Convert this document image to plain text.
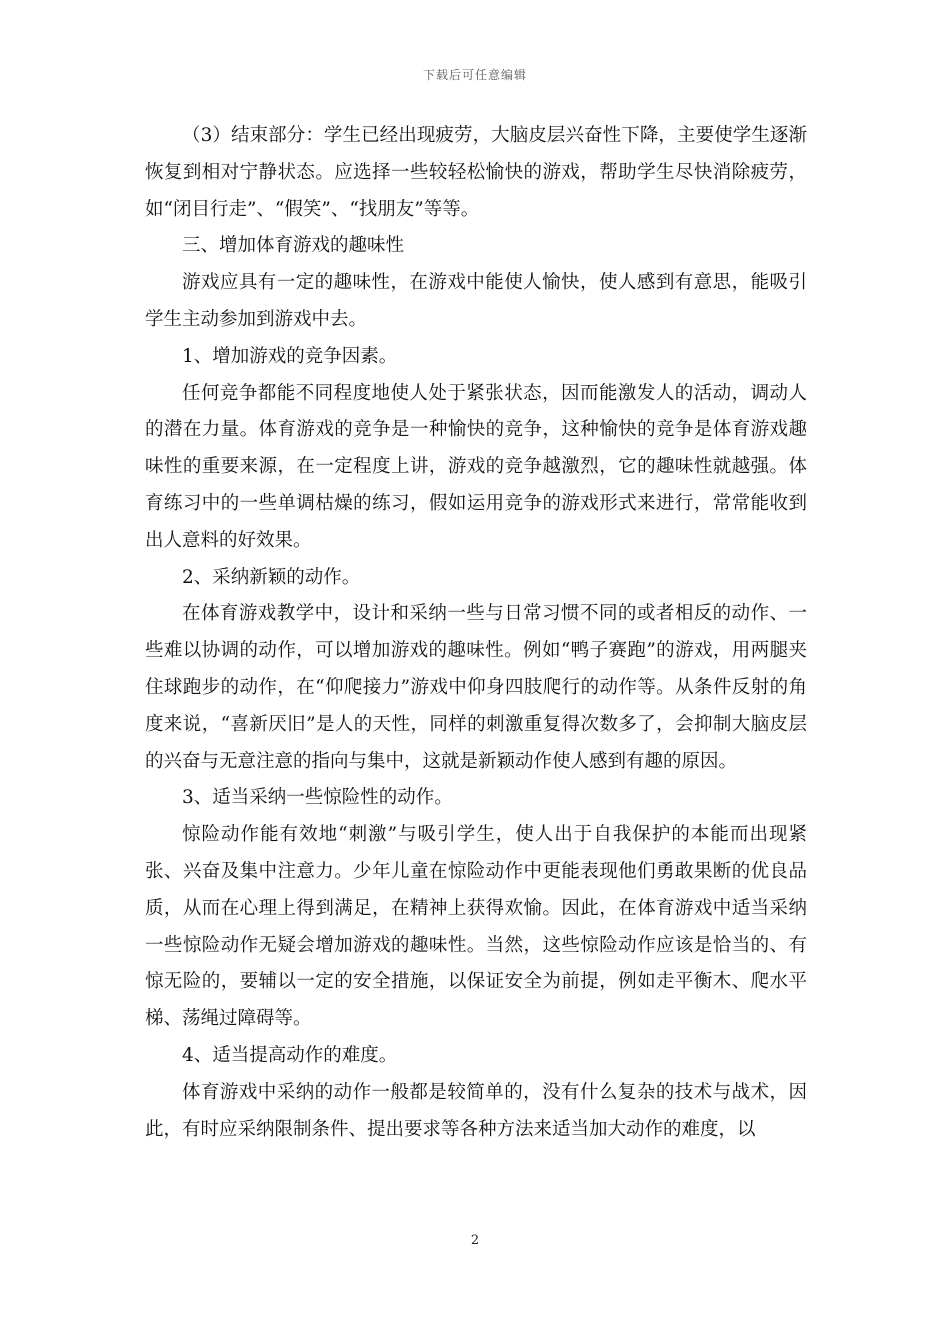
下载后可任意编辑

（3）结束部分：学生已经出现疲劳，大脑皮层兴奋性下降，主要使学生逐渐恢复到相对宁静状态。应选择一些较轻松愉快的游戏，帮助学生尽快消除疲劳，如“闭目行走”、“假笑”、“找朋友”等等。

三、增加体育游戏的趣味性

游戏应具有一定的趣味性，在游戏中能使人愉快，使人感到有意思，能吸引学生主动参加到游戏中去。

1、增加游戏的竞争因素。

任何竞争都能不同程度地使人处于紧张状态，因而能激发人的活动，调动人的潜在力量。体育游戏的竞争是一种愉快的竞争，这种愉快的竞争是体育游戏趣味性的重要来源，在一定程度上讲，游戏的竞争越激烈，它的趣味性就越强。体育练习中的一些单调枯燥的练习，假如运用竞争的游戏形式来进行，常常能收到出人意料的好效果。

2、采纳新颖的动作。

在体育游戏教学中，设计和采纳一些与日常习惯不同的或者相反的动作、一些难以协调的动作，可以增加游戏的趣味性。例如“鸭子赛跑”的游戏，用两腿夹住球跑步的动作，在“仰爬接力”游戏中仰身四肢爬行的动作等。从条件反射的角度来说，“喜新厌旧”是人的天性，同样的刺激重复得次数多了，会抑制大脑皮层的兴奋与无意注意的指向与集中，这就是新颖动作使人感到有趣的原因。

3、适当采纳一些惊险性的动作。

惊险动作能有效地“刺激”与吸引学生，使人出于自我保护的本能而出现紧张、兴奋及集中注意力。少年儿童在惊险动作中更能表现他们勇敢果断的优良品质，从而在心理上得到满足，在精神上获得欢愉。因此，在体育游戏中适当采纳一些惊险动作无疑会增加游戏的趣味性。当然，这些惊险动作应该是恰当的、有惊无险的，要辅以一定的安全措施，以保证安全为前提，例如走平衡木、爬水平梯、荡绳过障碍等。

4、适当提高动作的难度。

体育游戏中采纳的动作一般都是较简单的，没有什么复杂的技术与战术，因此，有时应采纳限制条件、提出要求等各种方法来适当加大动作的难度，以

2
